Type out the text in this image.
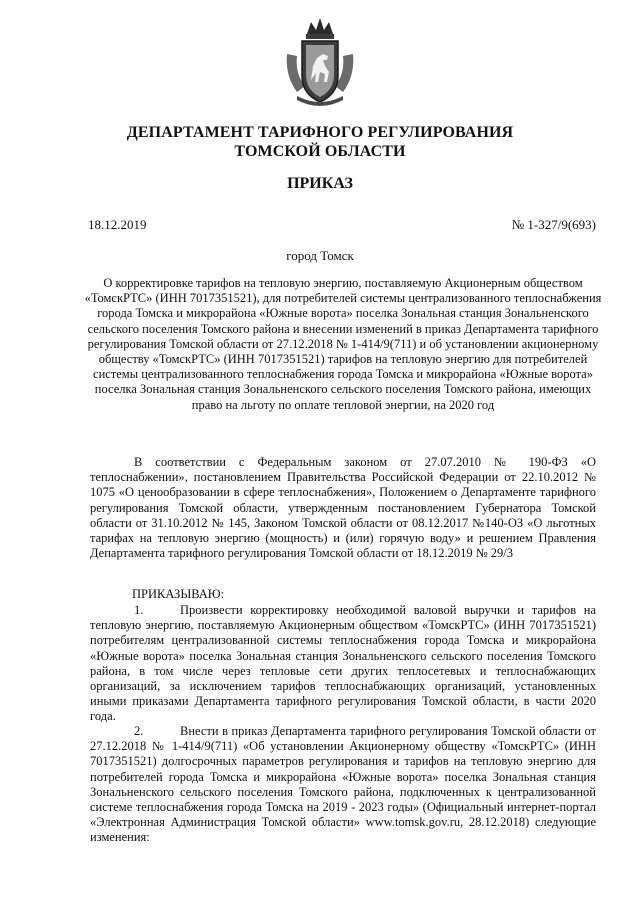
ДЕПАРТАМЕНТ ТАРИФНОГО РЕГУЛИРОВАНИЯ
ТОМСКОЙ ОБЛАСТИ
ПРИКАЗ
18.12.2019	№ 1-327/9(693)
город Томск
О корректировке тарифов на тепловую энергию, поставляемую Акционерным обществом «ТомскРТС» (ИНН 7017351521), для потребителей системы централизованного теплоснабжения города Томска и микрорайона «Южные ворота» поселка Зональная станция Зональненского сельского поселения Томского района и внесении изменений в приказ Департамента тарифного регулирования Томской области от 27.12.2018 № 1-414/9(711) и об установлении акционерному обществу «ТомскРТС» (ИНН 7017351521) тарифов на тепловую энергию для потребителей системы централизованного теплоснабжения города Томска и микрорайона «Южные ворота» поселка Зональная станция Зональненского сельского поселения Томского района, имеющих право на льготу по оплате тепловой энергии, на 2020 год
В соответствии с Федеральным законом от 27.07.2010 № 190-ФЗ «О теплоснабжении», постановлением Правительства Российской Федерации от 22.10.2012 № 1075 «О ценообразовании в сфере теплоснабжения», Положением о Департаменте тарифного регулирования Томской области, утвержденным постановлением Губернатора Томской области от 31.10.2012 № 145, Законом Томской области от 08.12.2017 №140-ОЗ «О льготных тарифах на тепловую энергию (мощность) и (или) горячую воду» и решением Правления Департамента тарифного регулирования Томской области от 18.12.2019 № 29/3
ПРИКАЗЫВАЮ:
1.	Произвести корректировку необходимой валовой выручки и тарифов на тепловую энергию, поставляемую Акционерным обществом «ТомскРТС» (ИНН 7017351521) потребителям централизованной системы теплоснабжения города Томска и микрорайона «Южные ворота» поселка Зональная станция Зональненского сельского поселения Томского района, в том числе через тепловые сети других теплосетевых и теплоснабжающих организаций, за исключением тарифов теплоснабжающих организаций, установленных иными приказами Департамента тарифного регулирования Томской области, в части 2020 года.
2.	Внести в приказ Департамента тарифного регулирования Томской области от 27.12.2018 № 1-414/9(711) «Об установлении Акционерному обществу «ТомскРТС» (ИНН 7017351521) долгосрочных параметров регулирования и тарифов на тепловую энергию для потребителей города Томска и микрорайона «Южные ворота» поселка Зональная станция Зональненского сельского поселения Томского района, подключенных к централизованной системе теплоснабжения города Томска на 2019 - 2023 годы» (Официальный интернет-портал «Электронная Администрация Томской области» www.tomsk.gov.ru, 28.12.2018) следующие изменения:
